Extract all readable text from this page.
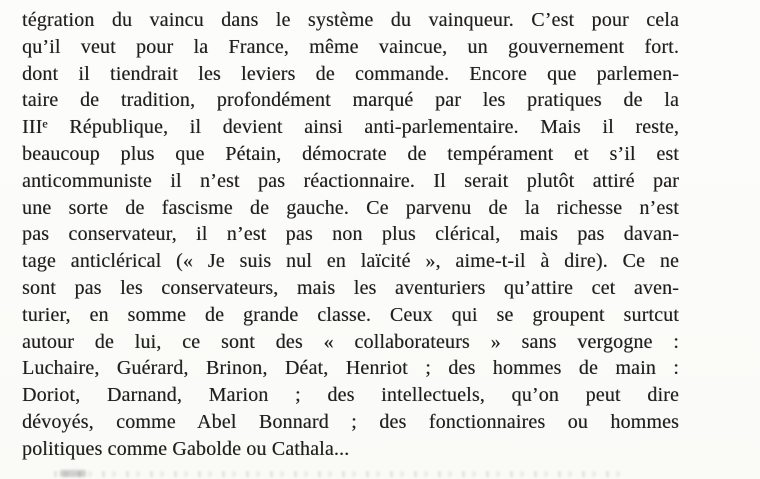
tégration du vaincu dans le système du vainqueur. C’est pour cela
qu’il veut pour la France, même vaincue, un gouvernement fort.
dont il tiendrait les leviers de commande. Encore que parlemen-
taire de tradition, profondément marqué par les pratiques de la
IIIᵉ République, il devient ainsi anti-parlementaire. Mais il reste,
beaucoup plus que Pétain, démocrate de tempérament et s’il est
anticommuniste il n’est pas réactionnaire. Il serait plutôt attiré par
une sorte de fascisme de gauche. Ce parvenu de la richesse n’est
pas conservateur, il n’est pas non plus clérical, mais pas davan-
tage anticlérical (« Je suis nul en laïcité », aime-t-il à dire). Ce ne
sont pas les conservateurs, mais les aventuriers qu’attire cet aven-
turier, en somme de grande classe. Ceux qui se groupent surtcut
autour de lui, ce sont des « collaborateurs » sans vergogne :
Luchaire, Guérard, Brinon, Déat, Henriot ; des hommes de main :
Doriot, Darnand, Marion ; des intellectuels, qu’on peut dire
dévoyés, comme Abel Bonnard ; des fonctionnaires ou hommes
politiques comme Gabolde ou Cathala...
